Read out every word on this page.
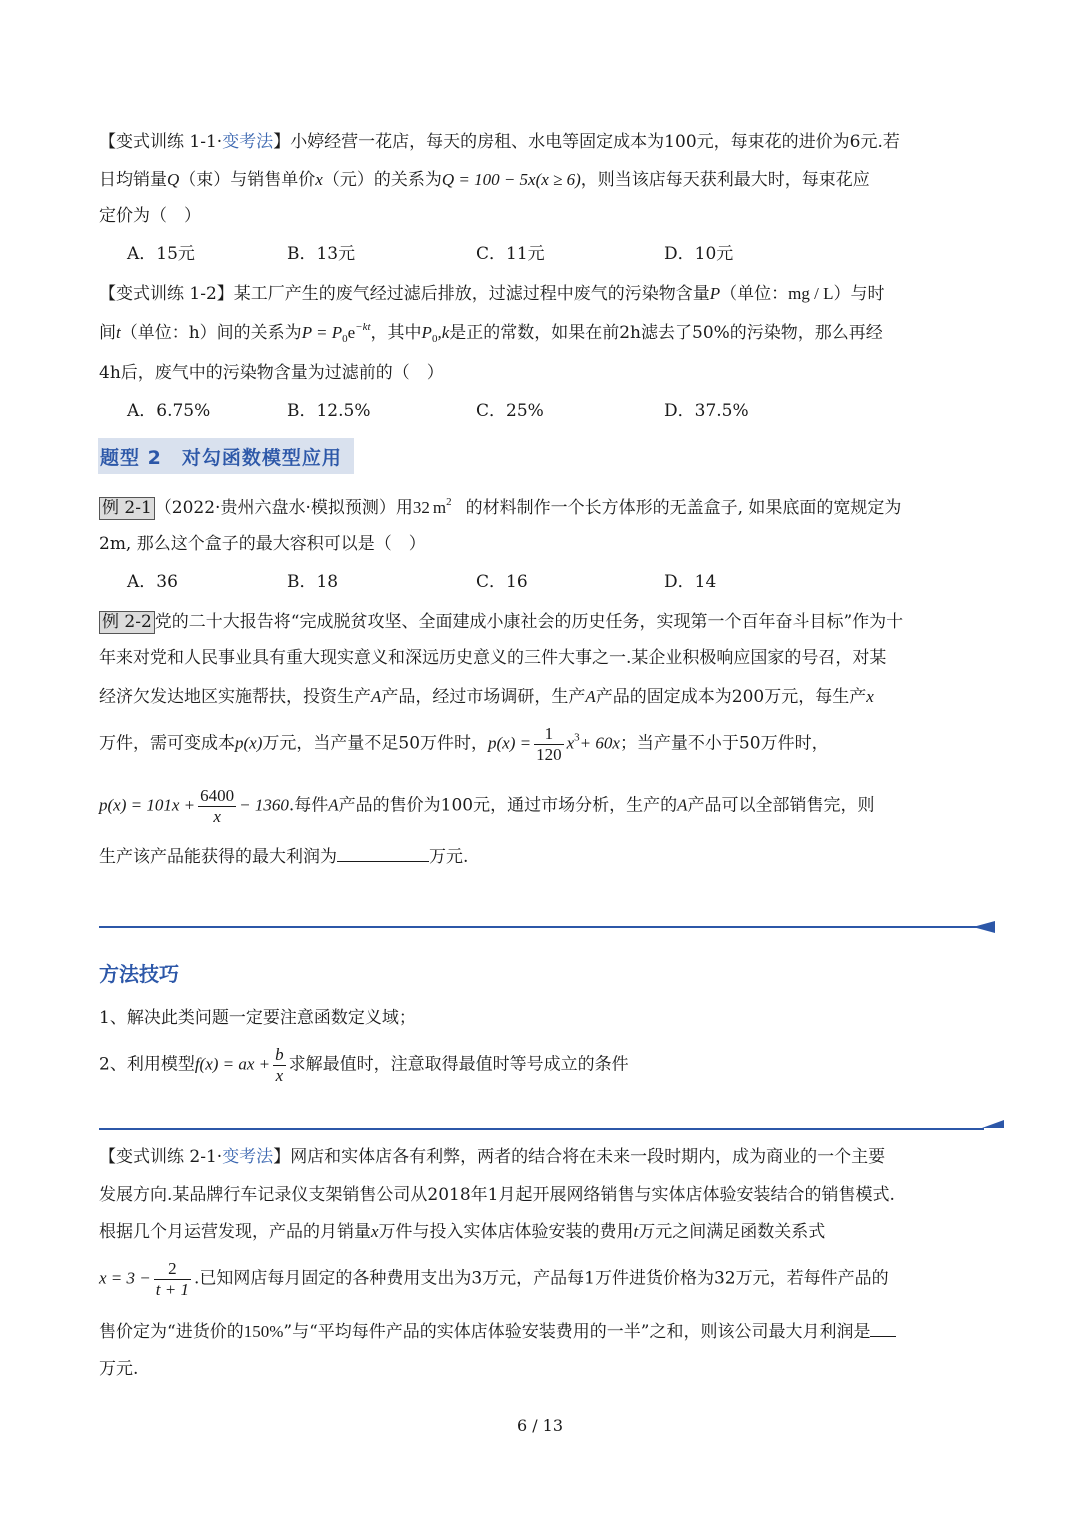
【变式训练 1-1·变考法】小婷经营一花店，每天的房租、水电等固定成本为100元，每束花的进价为6元.若
日均销量Q（束）与销售单价x（元）的关系为Q = 100 − 5x(x ≥ 6)，则当该店每天获利最大时，每束花应
定价为（　）
A．15元	B．13元	C．11元	D．10元
【变式训练 1-2】某工厂产生的废气经过滤后排放，过滤过程中废气的污染物含量P（单位：mg / L）与时
间t（单位：h）间的关系为$P = P_0e^{-kt}$，其中$P_0,k$是正的常数，如果在前2h滤去了50%的污染物，那么再经
4h后，废气中的污染物含量为过滤前的（　）
A．6.75%	B．12.5%	C．25%	D．37.5%
题型 2　对勾函数模型应用
例 2-1 （2022·贵州六盘水·模拟预测）用32 $m^2$ 的材料制作一个长方体形的无盖盒子, 如果底面的宽规定为
2m, 那么这个盒子的最大容积可以是（　）
A．36	B．18	C．16	D．14
例 2-2 党的二十大报告将“完成脱贫攻坚、全面建成小康社会的历史任务，实现第一个百年奋斗目标”作为十
年来对党和人民事业具有重大现实意义和深远历史意义的三件大事之一.某企业积极响应国家的号召，对某
经济欠发达地区实施帮扶，投资生产A产品，经过市场调研，生产A产品的固定成本为200万元，每生产x
万件，需可变成本p(x)万元，当产量不足50万件时，$p(x) = \frac{1}{120} x^3+ 60x$；当产量不小于50万件时，
$p(x) = 101x + \frac{6400}{x} - 1360$.每件A产品的售价为100元，通过市场分析，生产的A产品可以全部销售完，则
生产该产品能获得的最大利润为	万元.
方法技巧
1、解决此类问题一定要注意函数定义域；
2、利用模型f(x) = ax + $\frac{b}{x}$ 求解最值时，注意取得最值时等号成立的条件
【变式训练 2-1·变考法】网店和实体店各有利弊，两者的结合将在未来一段时期内，成为商业的一个主要
发展方向.某品牌行车记录仪支架销售公司从2018年1月起开展网络销售与实体店体验安装结合的销售模式.
根据几个月运营发现，产品的月销量x万件与投入实体店体验安装的费用t万元之间满足函数关系式
$x = 3 - \frac{2}{t + 1}$ .已知网店每月固定的各种费用支出为3万元，产品每1万件进货价格为32万元，若每件产品的
售价定为“进货价的150%”与“平均每件产品的实体店体验安装费用的一半”之和，则该公司最大月利润是
万元.
6 / 13
